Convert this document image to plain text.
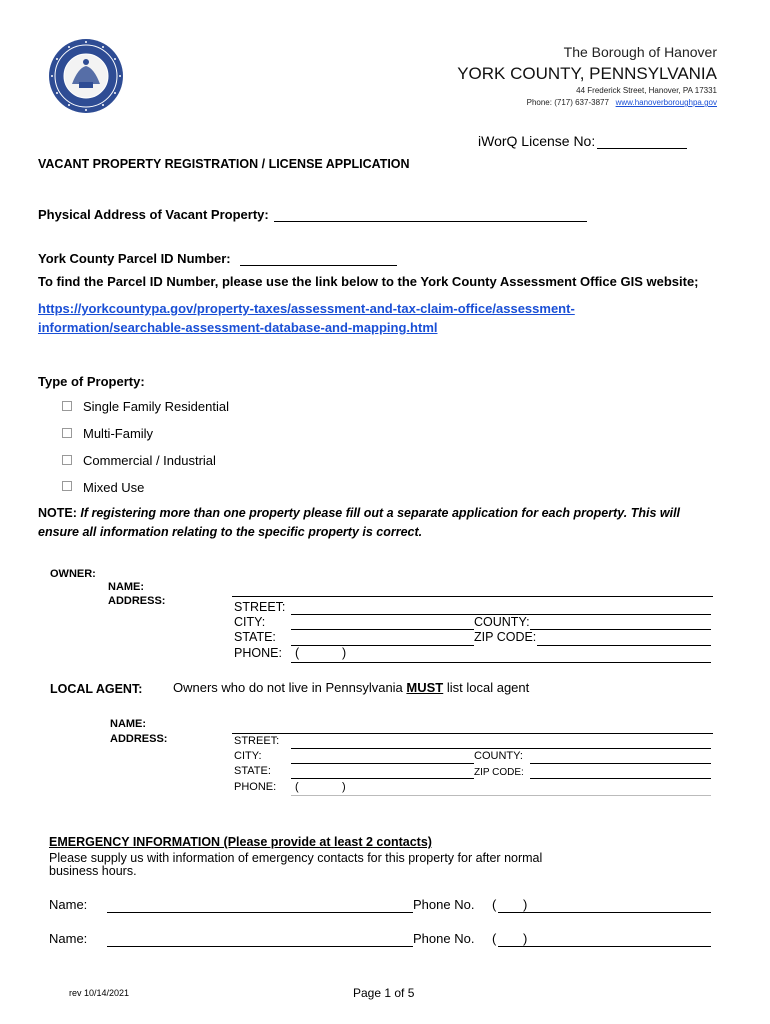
The Borough of Hanover
YORK COUNTY, PENNSYLVANIA
44 Frederick Street, Hanover, PA 17331
Phone: (717) 637-3877 www.hanoverboroughpa.gov
iWorQ License No:
VACANT PROPERTY REGISTRATION / LICENSE APPLICATION
Physical Address of Vacant Property:
York County Parcel ID Number:
To find the Parcel ID Number, please use the link below to the York County Assessment Office GIS website;
https://yorkcountypa.gov/property-taxes/assessment-and-tax-claim-office/assessment-
information/searchable-assessment-database-and-mapping.html
Type of Property:
Single Family Residential
Multi-Family
Commercial / Industrial
Mixed Use
NOTE: If registering more than one property please fill out a separate application for each property. This will
ensure all information relating to the specific property is correct.
OWNER:
NAME:
ADDRESS:	STREET:
CITY:	COUNTY:
STATE:	ZIP CODE:
PHONE: (	)
LOCAL AGENT: Owners who do not live in Pennsylvania MUST list local agent
NAME:
ADDRESS:	STREET:
CITY:	COUNTY:
STATE:	ZIP CODE:
PHONE: (	)
EMERGENCY INFORMATION (Please provide at least 2 contacts)
Please supply us with information of emergency contacts for this property for after normal
business hours.
Name:	Phone No. ( )
Name:	Phone No. ( )
rev 10/14/2021	Page 1 of 5
